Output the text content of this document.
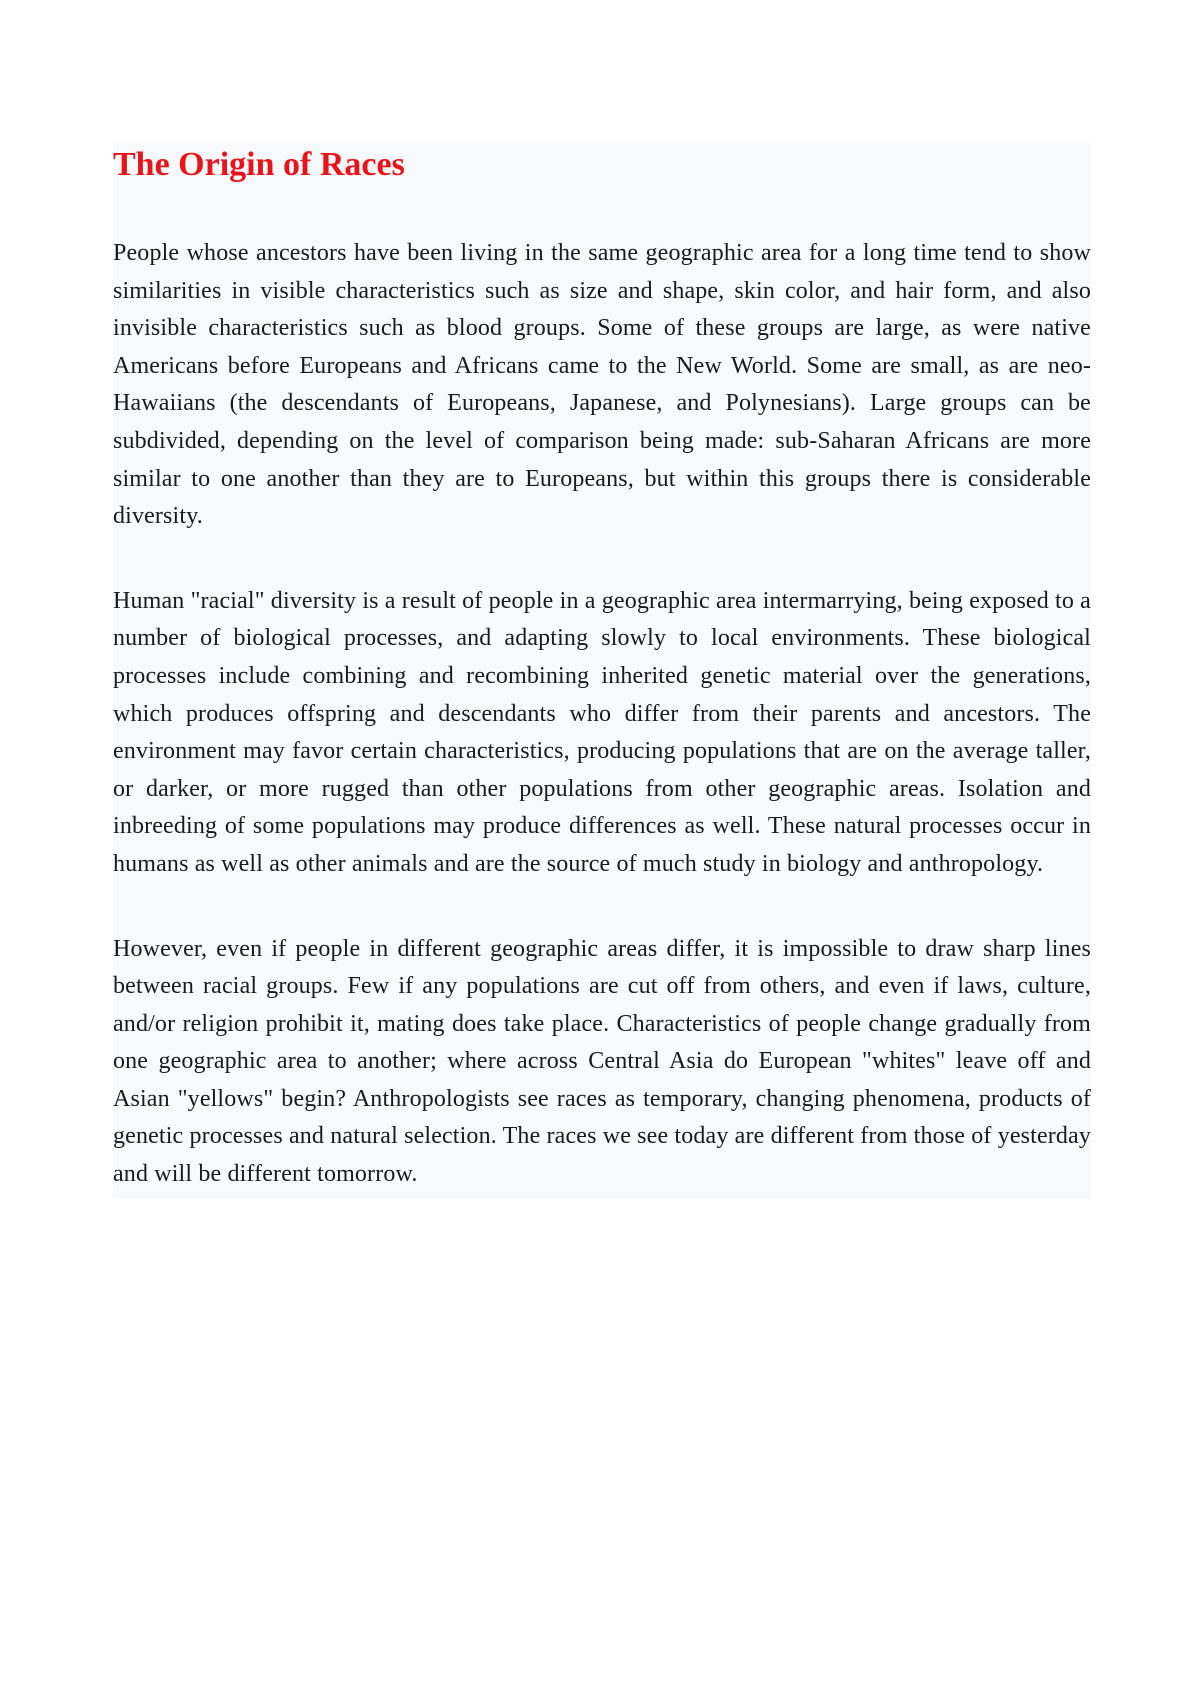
The Origin of Races

People whose ancestors have been living in the same geographic area for a long time tend to show similarities in visible characteristics such as size and shape, skin color, and hair form, and also invisible characteristics such as blood groups. Some of these groups are large, as were native Americans before Europeans and Africans came to the New World. Some are small, as are neo-Hawaiians (the descendants of Europeans, Japanese, and Polynesians). Large groups can be subdivided, depending on the level of comparison being made: sub-Saharan Africans are more similar to one another than they are to Europeans, but within this groups there is considerable diversity.

Human "racial" diversity is a result of people in a geographic area intermarrying, being exposed to a number of biological processes, and adapting slowly to local environments. These biological processes include combining and recombining inherited genetic material over the generations, which produces offspring and descendants who differ from their parents and ancestors. The environment may favor certain characteristics, producing populations that are on the average taller, or darker, or more rugged than other populations from other geographic areas. Isolation and inbreeding of some populations may produce differences as well. These natural processes occur in humans as well as other animals and are the source of much study in biology and anthropology.

However, even if people in different geographic areas differ, it is impossible to draw sharp lines between racial groups. Few if any populations are cut off from others, and even if laws, culture, and/or religion prohibit it, mating does take place. Characteristics of people change gradually from one geographic area to another; where across Central Asia do European "whites" leave off and Asian "yellows" begin? Anthropologists see races as temporary, changing phenomena, products of genetic processes and natural selection. The races we see today are different from those of yesterday and will be different tomorrow.
